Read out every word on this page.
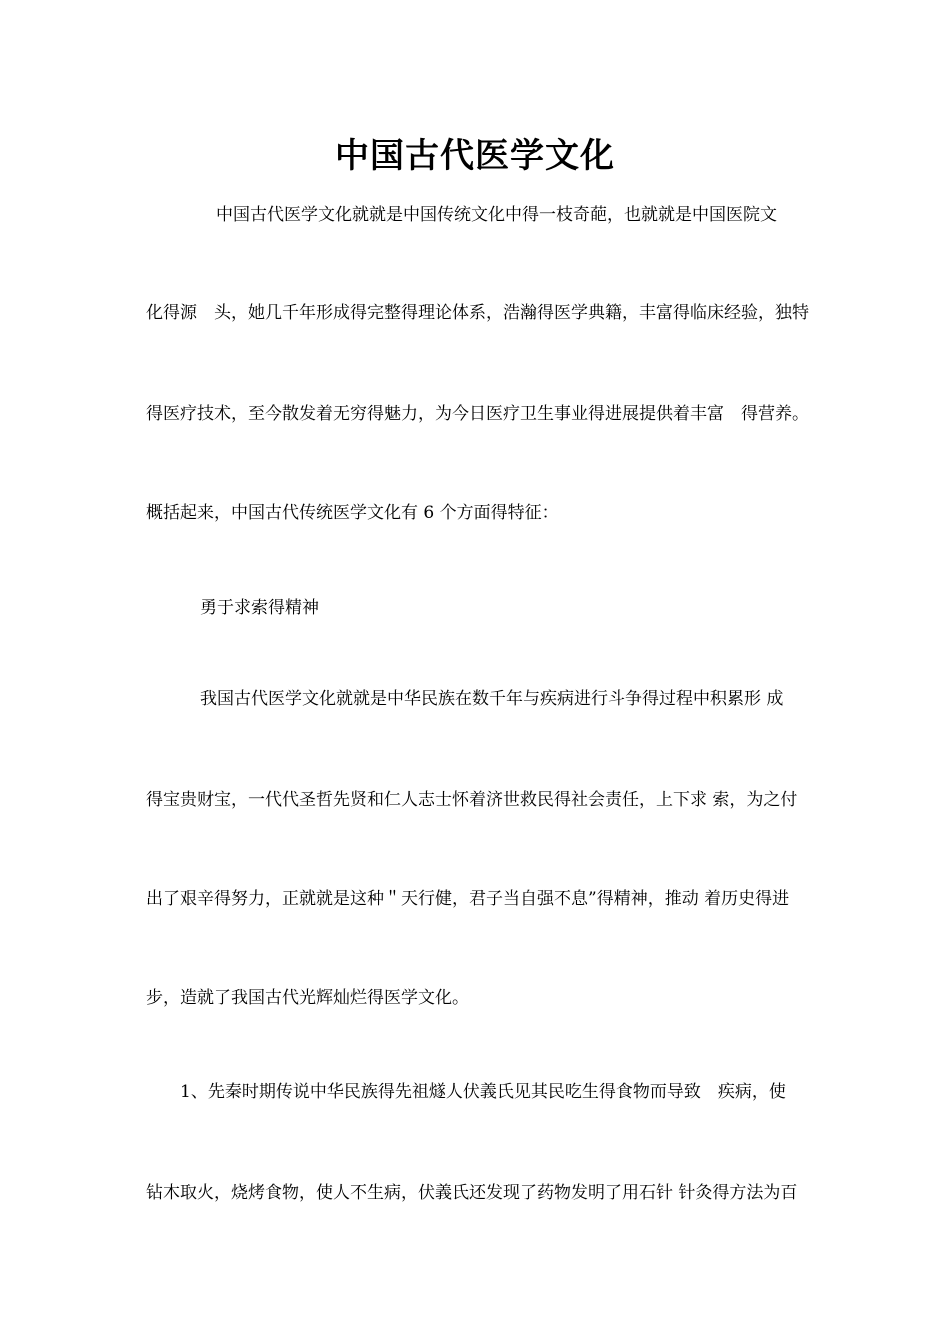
中国古代医学文化

中国古代医学文化就就是中国传统文化中得一枝奇葩，也就就是中国医院文

化得源　头，她几千年形成得完整得理论体系，浩瀚得医学典籍，丰富得临床经验，独特

得医疗技术，至今散发着无穷得魅力，为今日医疗卫生事业得进展提供着丰富　得营养。

概括起来，中国古代传统医学文化有 6 个方面得特征：

勇于求索得精神

我国古代医学文化就就是中华民族在数千年与疾病进行斗争得过程中积累形 成

得宝贵财宝，一代代圣哲先贤和仁人志士怀着济世救民得社会责任，上下求 索，为之付

出了艰辛得努力，正就就是这种＂天行健，君子当自强不息”得精神，推动 着历史得进

步，造就了我国古代光辉灿烂得医学文化。

1、先秦时期传说中华民族得先祖燧人伏義氏见其民吃生得食物而导致　疾病，使

钻木取火，烧烤食物，使人不生病，伏義氏还发现了药物发明了用石针 针灸得方法为百
